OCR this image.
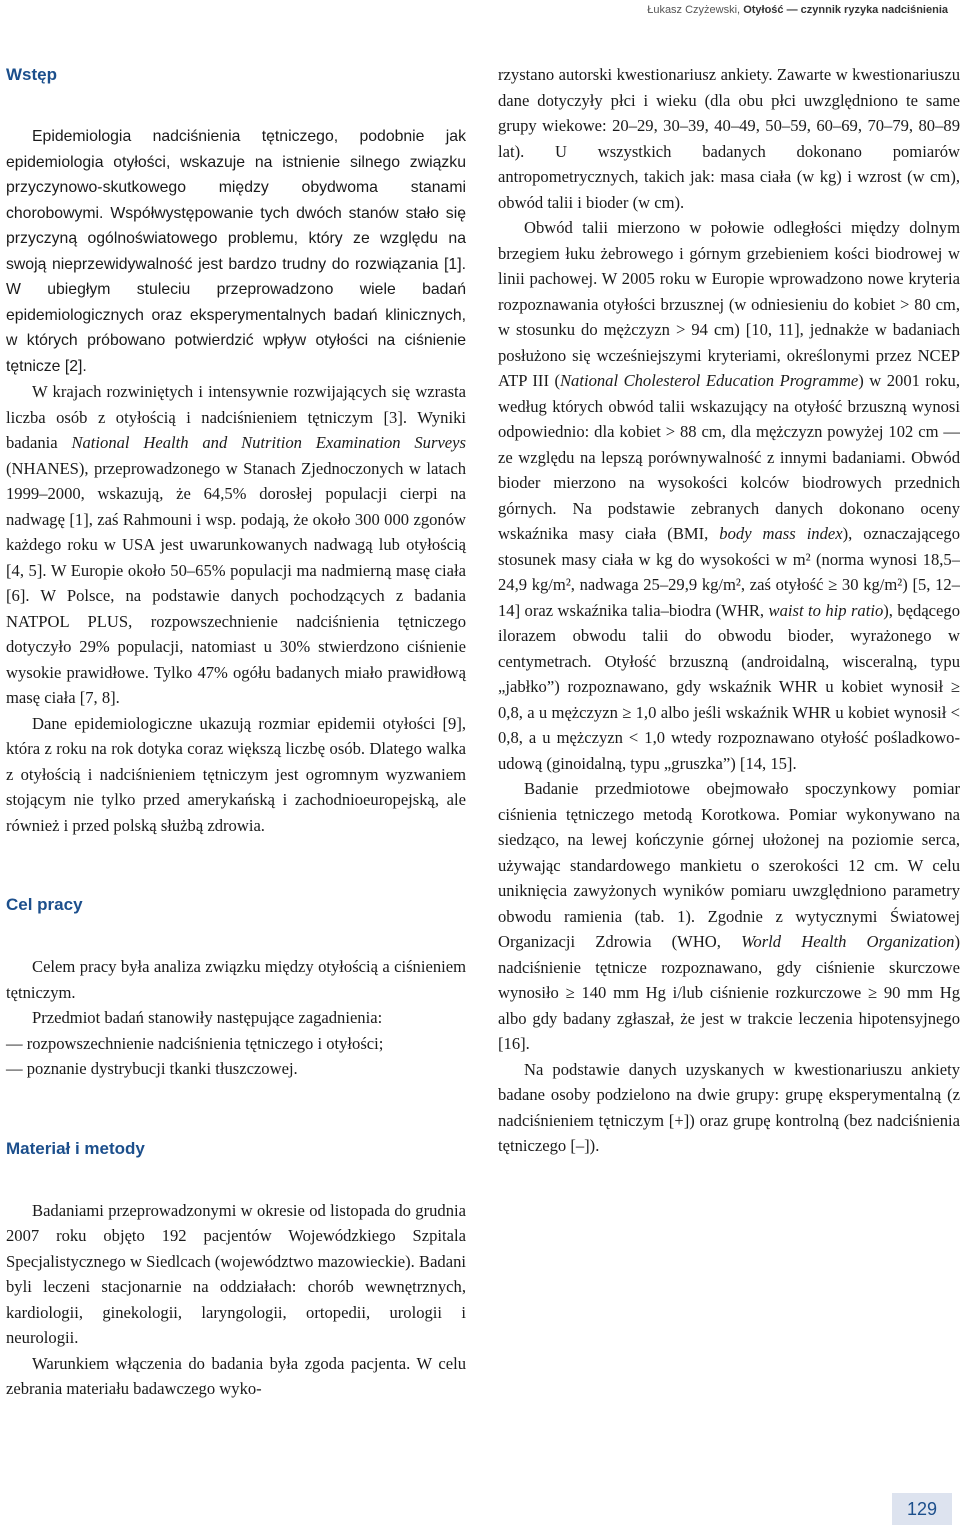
Łukasz Czyżewski, Otyłość — czynnik ryzyka nadciśnienia
Wstęp

Epidemiologia nadciśnienia tętniczego, podobnie jak epidemiologia otyłości, wskazuje na istnienie silnego związku przyczynowo-skutkowego między obydwoma stanami chorobowymi. Współwystępowanie tych dwóch stanów stało się przyczyną ogólnoświatowego problemu, który ze względu na swoją nieprzewidywalność jest bardzo trudny do rozwiązania [1]. W ubiegłym stuleciu przeprowadzono wiele badań epidemiologicznych oraz eksperymentalnych badań klinicznych, w których próbowano potwierdzić wpływ otyłości na ciśnienie tętnicze [2].

W krajach rozwiniętych i intensywnie rozwijających się wzrasta liczba osób z otyłością i nadciśnieniem tętniczym [3]. Wyniki badania National Health and Nutrition Examination Surveys (NHANES), przeprowadzonego w Stanach Zjednoczonych w latach 1999–2000, wskazują, że 64,5% dorosłej populacji cierpi na nadwagę [1], zaś Rahmouni i wsp. podają, że około 300 000 zgonów każdego roku w USA jest uwarunkowanych nadwagą lub otyłością [4, 5]. W Europie około 50–65% populacji ma nadmierną masę ciała [6]. W Polsce, na podstawie danych pochodzących z badania NATPOL PLUS, rozpowszechnienie nadciśnienia tętniczego dotyczyło 29% populacji, natomiast u 30% stwierdzono ciśnienie wysokie prawidłowe. Tylko 47% ogółu badanych miało prawidłową masę ciała [7, 8].

Dane epidemiologiczne ukazują rozmiar epidemii otyłości [9], która z roku na rok dotyka coraz większą liczbę osób. Dlatego walka z otyłością i nadciśnieniem tętniczym jest ogromnym wyzwaniem stojącym nie tylko przed amerykańską i zachodnioeuropejską, ale również i przed polską służbą zdrowia.

Cel pracy

Celem pracy była analiza związku między otyłością a ciśnieniem tętniczym.

Przedmiot badań stanowiły następujące zagadnienia:

— rozpowszechnienie nadciśnienia tętniczego i otyłości;
— poznanie dystrybucji tkanki tłuszczowej.
Materiał i metody

Badaniami przeprowadzonymi w okresie od listopada do grudnia 2007 roku objęto 192 pacjentów Wojewódzkiego Szpitala Specjalistycznego w Siedlcach (województwo mazowieckie). Badani byli leczeni stacjonarnie na oddziałach: chorób wewnętrznych, kardiologii, ginekologii, laryngologii, ortopedii, urologii i neurologii.

Warunkiem włączenia do badania była zgoda pacjenta. W celu zebrania materiału badawczego wyko-

rzystano autorski kwestionariusz ankiety. Zawarte w kwestionariuszu dane dotyczyły płci i wieku (dla obu płci uwzględniono te same grupy wiekowe: 20–29, 30–39, 40–49, 50–59, 60–69, 70–79, 80–89 lat). U wszystkich badanych dokonano pomiarów antropometrycznych, takich jak: masa ciała (w kg) i wzrost (w cm), obwód talii i bioder (w cm).

Obwód talii mierzono w połowie odległości między dolnym brzegiem łuku żebrowego i górnym grzebieniem kości biodrowej w linii pachowej. W 2005 roku w Europie wprowadzono nowe kryteria rozpoznawania otyłości brzusznej (w odniesieniu do kobiet > 80 cm, w stosunku do mężczyzn > 94 cm) [10, 11], jednakże w badaniach posłużono się wcześniejszymi kryteriami, określonymi przez NCEP ATP III (National Cholesterol Education Programme) w 2001 roku, według których obwód talii wskazujący na otyłość brzuszną wynosi odpowiednio: dla kobiet > 88 cm, dla mężczyzn powyżej 102 cm — ze względu na lepszą porównywalność z innymi badaniami. Obwód bioder mierzono na wysokości kolców biodrowych przednich górnych. Na podstawie zebranych danych dokonano oceny wskaźnika masy ciała (BMI, body mass index), oznaczającego stosunek masy ciała w kg do wysokości w m² (norma wynosi 18,5–24,9 kg/m², nadwaga 25–29,9 kg/m², zaś otyłość ≥ 30 kg/m²) [5, 12–14] oraz wskaźnika talia–biodra (WHR, waist to hip ratio), będącego ilorazem obwodu talii do obwodu bioder, wyrażonego w centymetrach. Otyłość brzuszną (androidalną, wisceralną, typu „jabłko”) rozpoznawano, gdy wskaźnik WHR u kobiet wynosił ≥ 0,8, a u mężczyzn ≥ 1,0 albo jeśli wskaźnik WHR u kobiet wynosił < 0,8, a u mężczyzn < 1,0 wtedy rozpoznawano otyłość pośladkowo-udową (ginoidalną, typu „gruszka”) [14, 15].

Badanie przedmiotowe obejmowało spoczynkowy pomiar ciśnienia tętniczego metodą Korotkowa. Pomiar wykonywano na siedząco, na lewej kończynie górnej ułożonej na poziomie serca, używając standardowego mankietu o szerokości 12 cm. W celu uniknięcia zawyżonych wyników pomiaru uwzględniono parametry obwodu ramienia (tab. 1). Zgodnie z wytycznymi Światowej Organizacji Zdrowia (WHO, World Health Organization) nadciśnienie tętnicze rozpoznawano, gdy ciśnienie skurczowe wynosiło ≥ 140 mm Hg i/lub ciśnienie rozkurczowe ≥ 90 mm Hg albo gdy badany zgłaszał, że jest w trakcie leczenia hipotensyjnego [16].

Na podstawie danych uzyskanych w kwestionariuszu ankiety badane osoby podzielono na dwie grupy: grupę eksperymentalną (z nadciśnieniem tętniczym [+]) oraz grupę kontrolną (bez nadciśnienia tętniczego [–]).

129
